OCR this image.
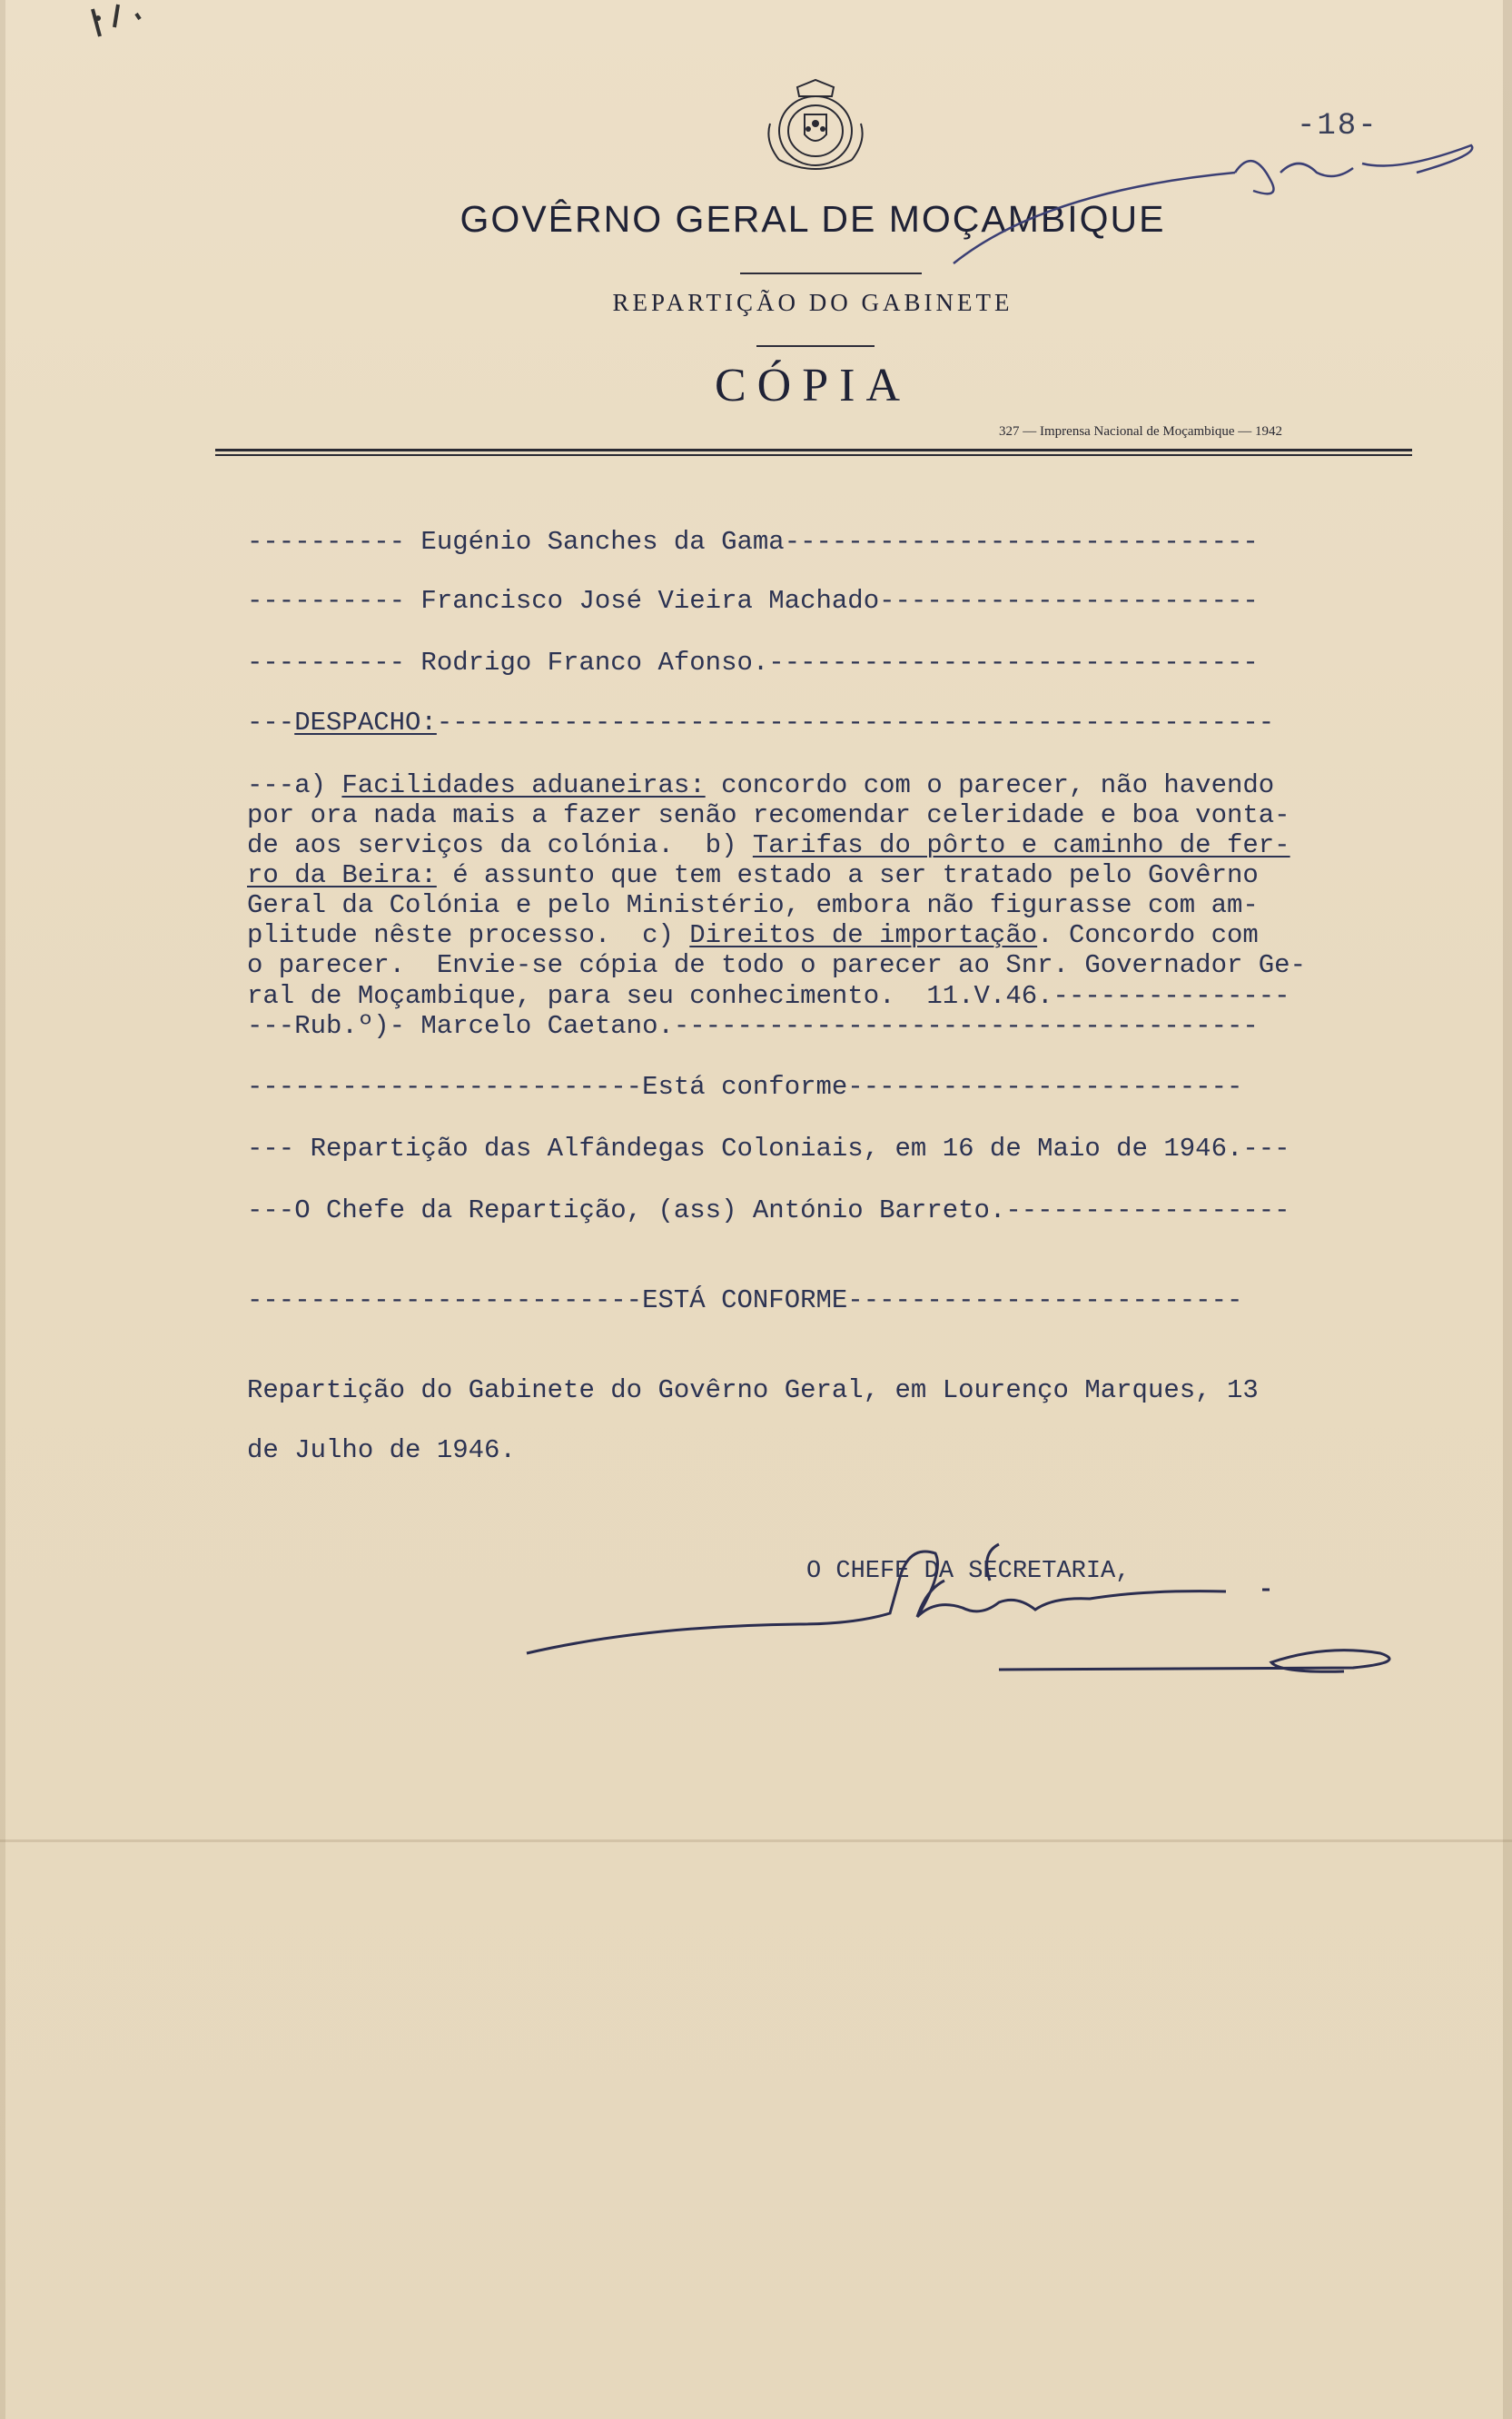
-18-
GOVÊRNO GERAL DE MOÇAMBIQUE
REPARTIÇÃO DO GABINETE
CÓPIA
327 — Imprensa Nacional de Moçambique — 1942
---------- Eugénio Sanches da Gama------------------------------
---------- Francisco José Vieira Machado------------------------
---------- Rodrigo Franco Afonso.-------------------------------
---DESPACHO:-----------------------------------------------------
---a) Facilidades aduaneiras: concordo com o parecer, não havendo
por ora nada mais a fazer senão recomendar celeridade e boa vonta-
de aos serviços da colónia.  b) Tarifas do pôrto e caminho de fer-
ro da Beira: é assunto que tem estado a ser tratado pelo Govêrno
Geral da Colónia e pelo Ministério, embora não figurasse com am-
plitude nêste processo.  c) Direitos de importação. Concordo com
o parecer.  Envie-se cópia de todo o parecer ao Snr. Governador Ge-
ral de Moçambique, para seu conhecimento.  11.V.46.---------------
---Rub.º)- Marcelo Caetano.-------------------------------------
-------------------------Está conforme-------------------------
--- Repartição das Alfândegas Coloniais, em 16 de Maio de 1946.---
---O Chefe da Repartição, (ass) António Barreto.------------------
-------------------------ESTÁ CONFORME-------------------------
Repartição do Gabinete do Govêrno Geral, em Lourenço Marques, 13
de Julho de 1946.
O CHEFE DA SECRETARIA,
